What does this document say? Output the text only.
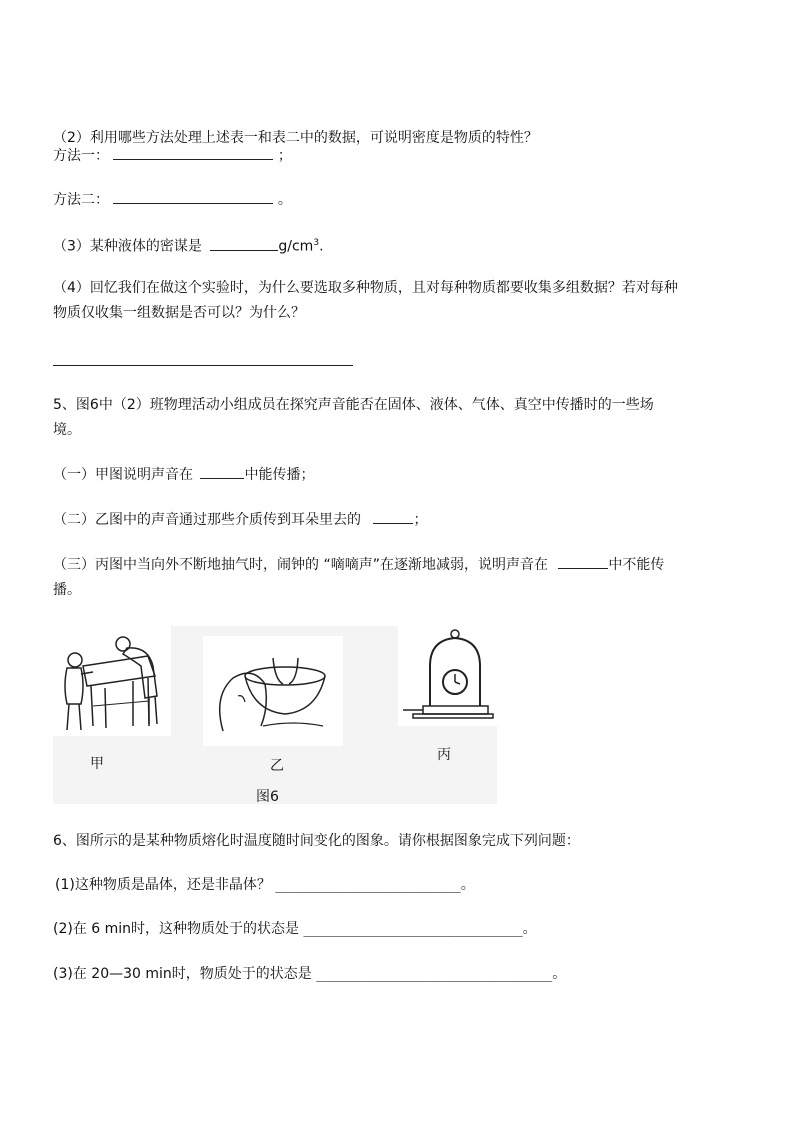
（2）利用哪些方法处理上述表一和表二中的数据，可说明密度是物质的特性？
方法一：	；
方法二：	。
（3）某种液体的密谋是	$g/cm^3$.
（4）回忆我们在做这个实验时，为什么要选取多种物质，且对每种物质都要收集多组数据？若对每种
物质仅收集一组数据是否可以？为什么？
5、图6中（2）班物理活动小组成员在探究声音能否在固体、液体、气体、真空中传播时的一些场
境。
（一）甲图说明声音在	中能传播；
（二）乙图中的声音通过那些介质传到耳朵里去的	；
（三）丙图中当向外不断地抽气时，闹钟的 “嘀嘀声”在逐渐地减弱，说明声音在	中不能传
播。
甲	乙
丙
图6
6、图所示的是某种物质熔化时温度随时间变化的图象。请你根据图象完成下列问题：
(1)这种物质是晶体，还是非晶体？ ______________________。
(2)在 6 min时，这种物质处于的状态是 __________________________。
(3)在 20—30 min时，物质处于的状态是 ____________________________。
